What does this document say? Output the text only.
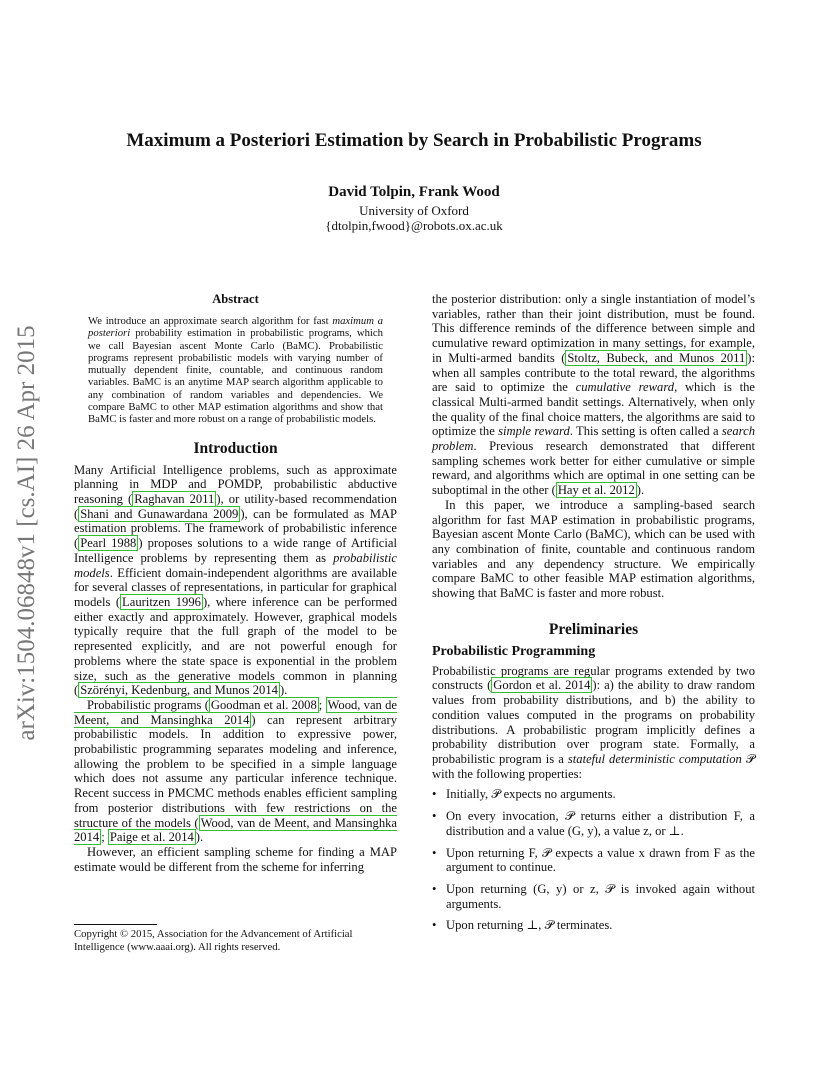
arXiv:1504.06848v1 [cs.AI] 26 Apr 2015
Maximum a Posteriori Estimation by Search in Probabilistic Programs
David Tolpin, Frank Wood
University of Oxford
{dtolpin,fwood}@robots.ox.ac.uk
Abstract
We introduce an approximate search algorithm for fast maximum a posteriori probability estimation in probabilistic programs, which we call Bayesian ascent Monte Carlo (BaMC). Probabilistic programs represent probabilistic models with varying number of mutually dependent finite, countable, and continuous random variables. BaMC is an anytime MAP search algorithm applicable to any combination of random variables and dependencies. We compare BaMC to other MAP estimation algorithms and show that BaMC is faster and more robust on a range of probabilistic models.
Introduction

Many Artificial Intelligence problems, such as approximate planning in MDP and POMDP, probabilistic abductive reasoning ( Raghavan 2011 ), or utility-based recommendation ( Shani and Gunawardana 2009 ), can be formulated as MAP estimation problems. The framework of probabilistic inference ( Pearl 1988 ) proposes solutions to a wide range of Artificial Intelligence problems by representing them as probabilistic models. Efficient domain-independent algorithms are available for several classes of representations, in particular for graphical models ( Lauritzen 1996 ), where inference can be performed either exactly and approximately. However, graphical models typically require that the full graph of the model to be represented explicitly, and are not powerful enough for problems where the state space is exponential in the problem size, such as the generative models common in planning ( Szörényi, Kedenburg, and Munos 2014 ).

Probabilistic programs ( Goodman et al. 2008 ; Wood, van de Meent, and Mansinghka 2014 ) can represent arbitrary probabilistic models. In addition to expressive power, probabilistic programming separates modeling and inference, allowing the problem to be specified in a simple language which does not assume any particular inference technique. Recent success in PMCMC methods enables efficient sampling from posterior distributions with few restrictions on the structure of the models ( Wood, van de Meent, and Mansinghka 2014 ; Paige et al. 2014 ).

However, an efficient sampling scheme for finding a MAP estimate would be different from the scheme for inferring

Copyright © 2015, Association for the Advancement of Artificial Intelligence (www.aaai.org). All rights reserved.

the posterior distribution: only a single instantiation of model’s variables, rather than their joint distribution, must be found. This difference reminds of the difference between simple and cumulative reward optimization in many settings, for example, in Multi-armed bandits ( Stoltz, Bubeck, and Munos 2011 ): when all samples contribute to the total reward, the algorithms are said to optimize the cumulative reward, which is the classical Multi-armed bandit settings. Alternatively, when only the quality of the final choice matters, the algorithms are said to optimize the simple reward. This setting is often called a search problem. Previous research demonstrated that different sampling schemes work better for either cumulative or simple reward, and algorithms which are optimal in one setting can be suboptimal in the other ( Hay et al. 2012 ).

In this paper, we introduce a sampling-based search algorithm for fast MAP estimation in probabilistic programs, Bayesian ascent Monte Carlo (BaMC), which can be used with any combination of finite, countable and continuous random variables and any dependency structure. We empirically compare BaMC to other feasible MAP estimation algorithms, showing that BaMC is faster and more robust.

Preliminaries
Probabilistic Programming

Probabilistic programs are regular programs extended by two constructs ( Gordon et al. 2014 ): a) the ability to draw random values from probability distributions, and b) the ability to condition values computed in the programs on probability distributions. A probabilistic program implicitly defines a probability distribution over program state. Formally, a probabilistic program is a stateful deterministic computation 𝒫 with the following properties:

• Initially, 𝒫 expects no arguments.
• On every invocation, 𝒫 returns either a distribution F, a distribution and a value (G, y), a value z, or ⊥.
• Upon returning F, 𝒫 expects a value x drawn from F as the argument to continue.
• Upon returning (G, y) or z, 𝒫 is invoked again without arguments.
• Upon returning ⊥, 𝒫 terminates.
